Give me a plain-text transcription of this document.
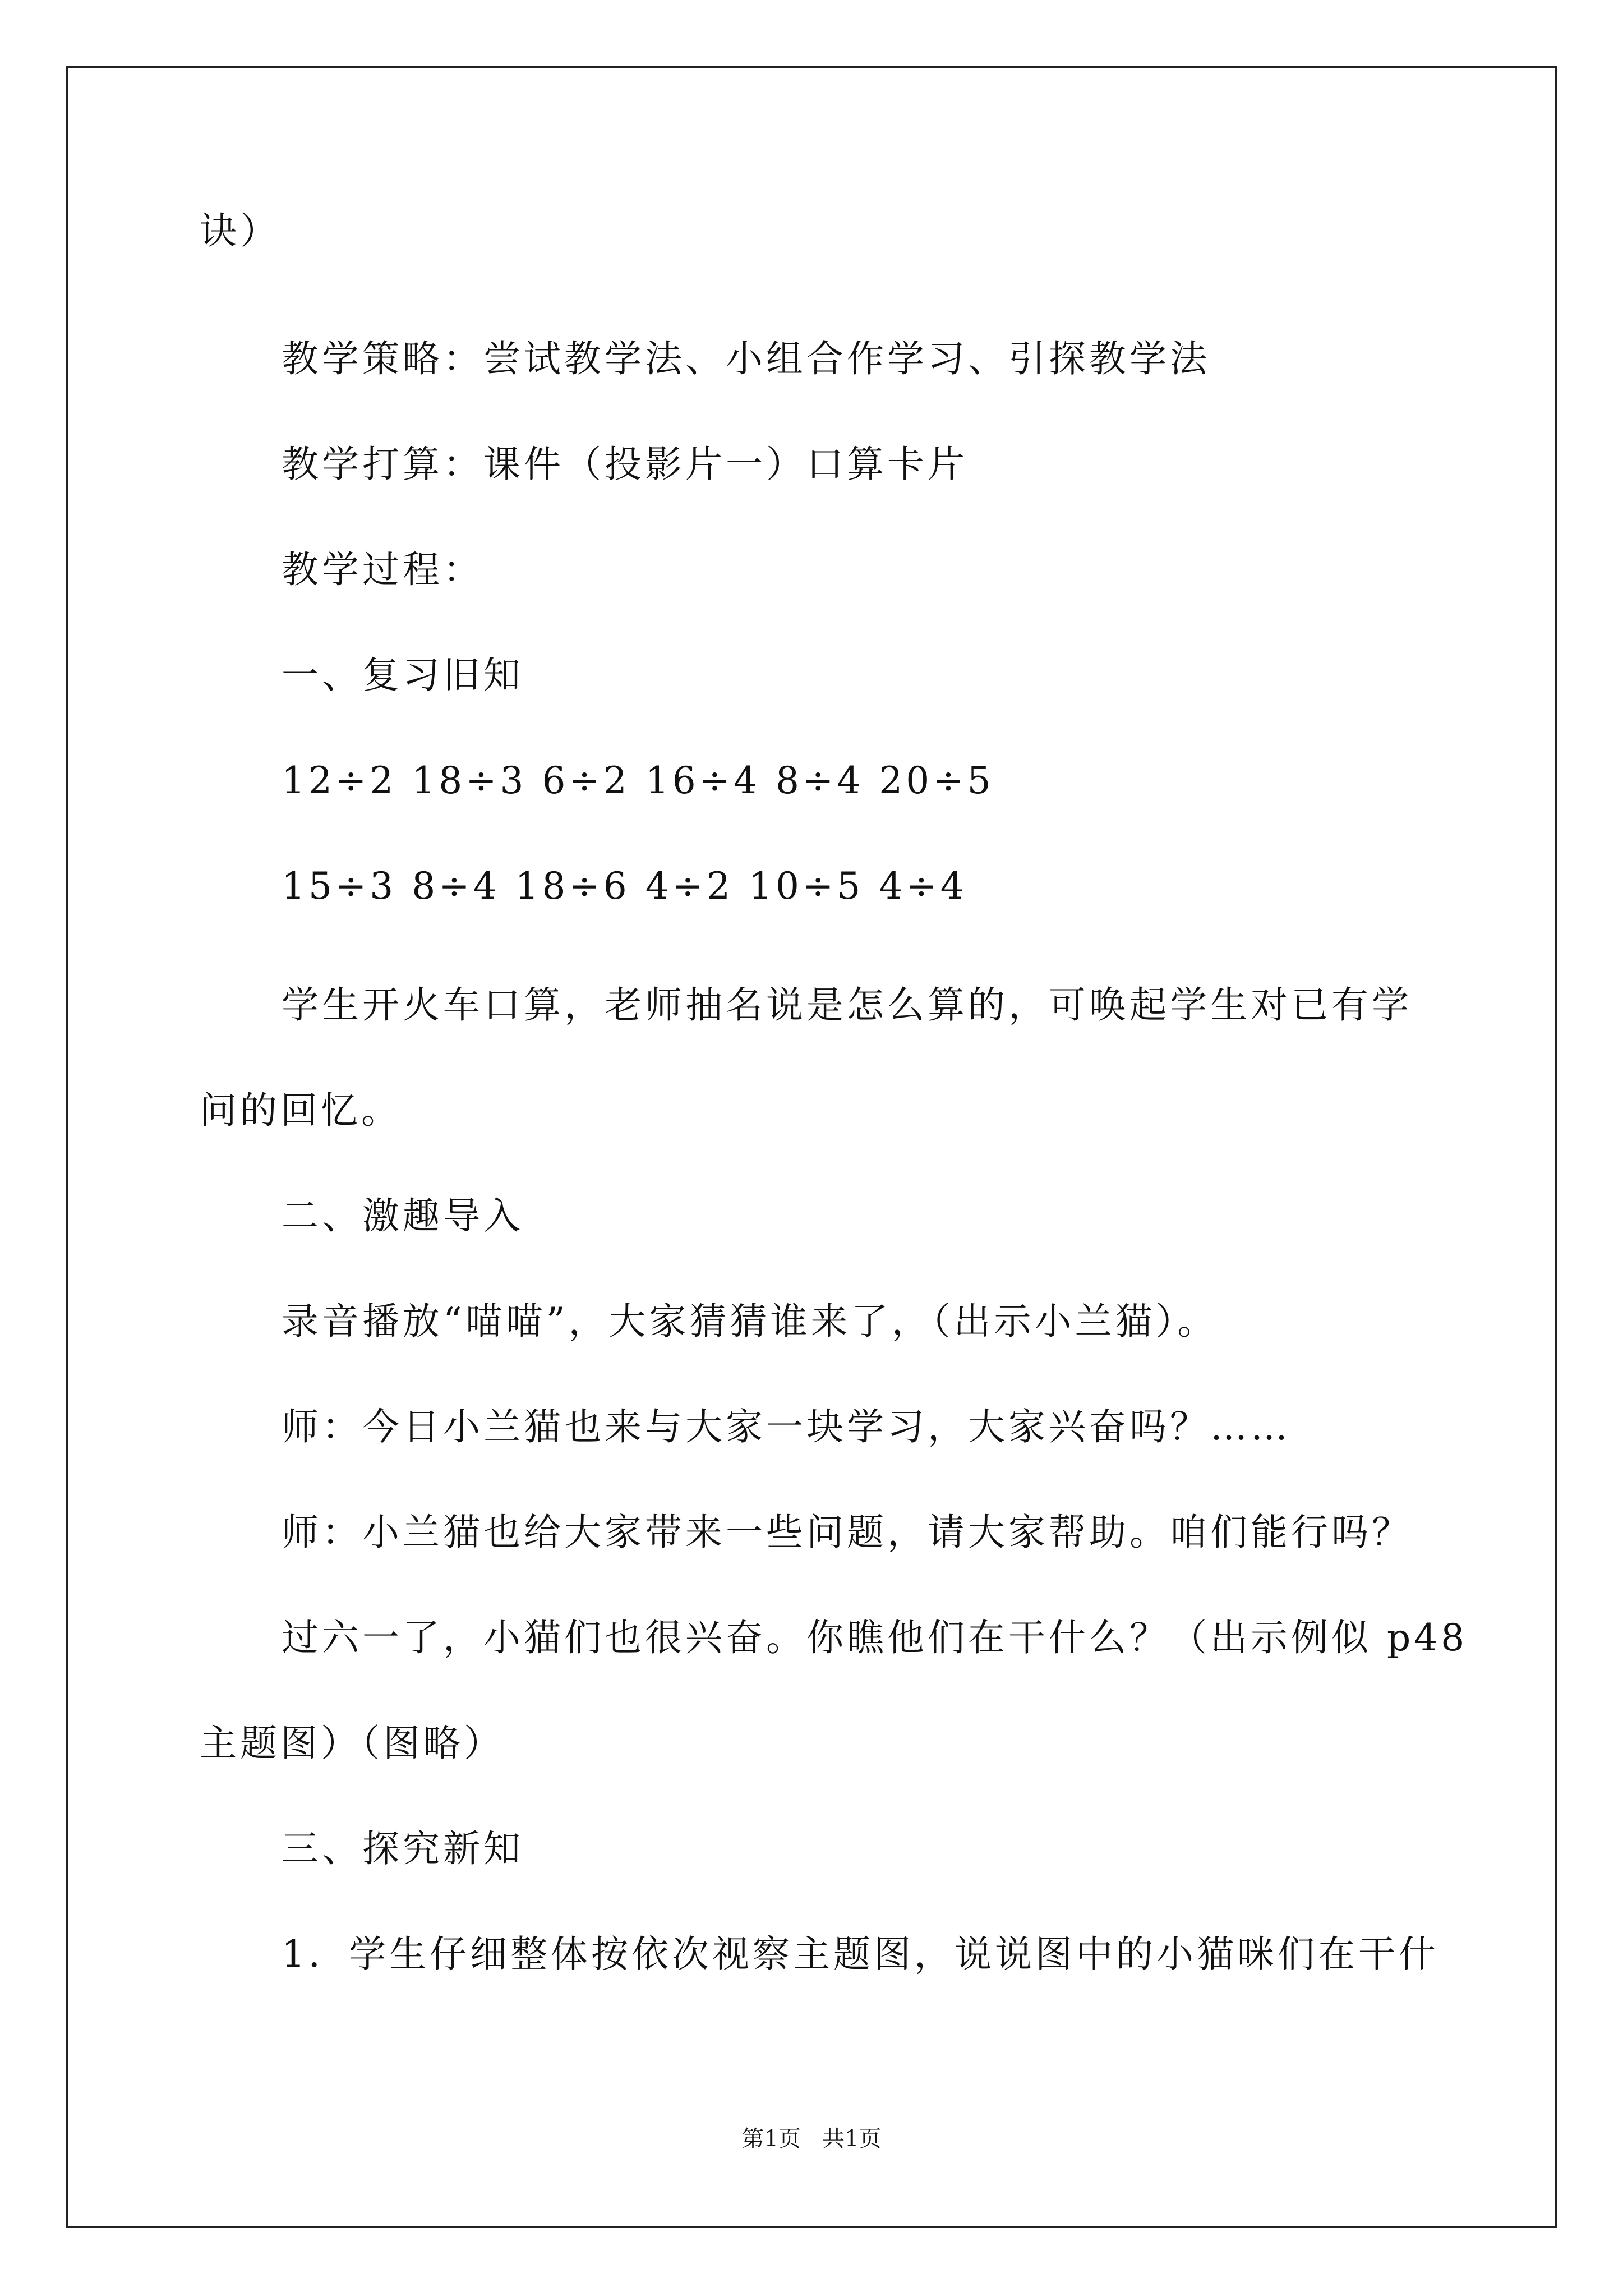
诀）
教学策略：尝试教学法、小组合作学习、引探教学法
教学打算：课件（投影片一）口算卡片
教学过程：
一、复习旧知
12÷2 18÷3 6÷2 16÷4 8÷4 20÷5
15÷3 8÷4 18÷6 4÷2 10÷5 4÷4
学生开火车口算，老师抽名说是怎么算的，可唤起学生对已有学
问的回忆。
二、激趣导入
录音播放“喵喵”，大家猜猜谁来了，（出示小兰猫）。
师：今日小兰猫也来与大家一块学习，大家兴奋吗？……
师：小兰猫也给大家带来一些问题，请大家帮助。咱们能行吗？
过六一了，小猫们也很兴奋。你瞧他们在干什么？（出示例似 p48
主题图）（图略）
三、探究新知
1．学生仔细整体按依次视察主题图，说说图中的小猫咪们在干什
第1页   共1页
